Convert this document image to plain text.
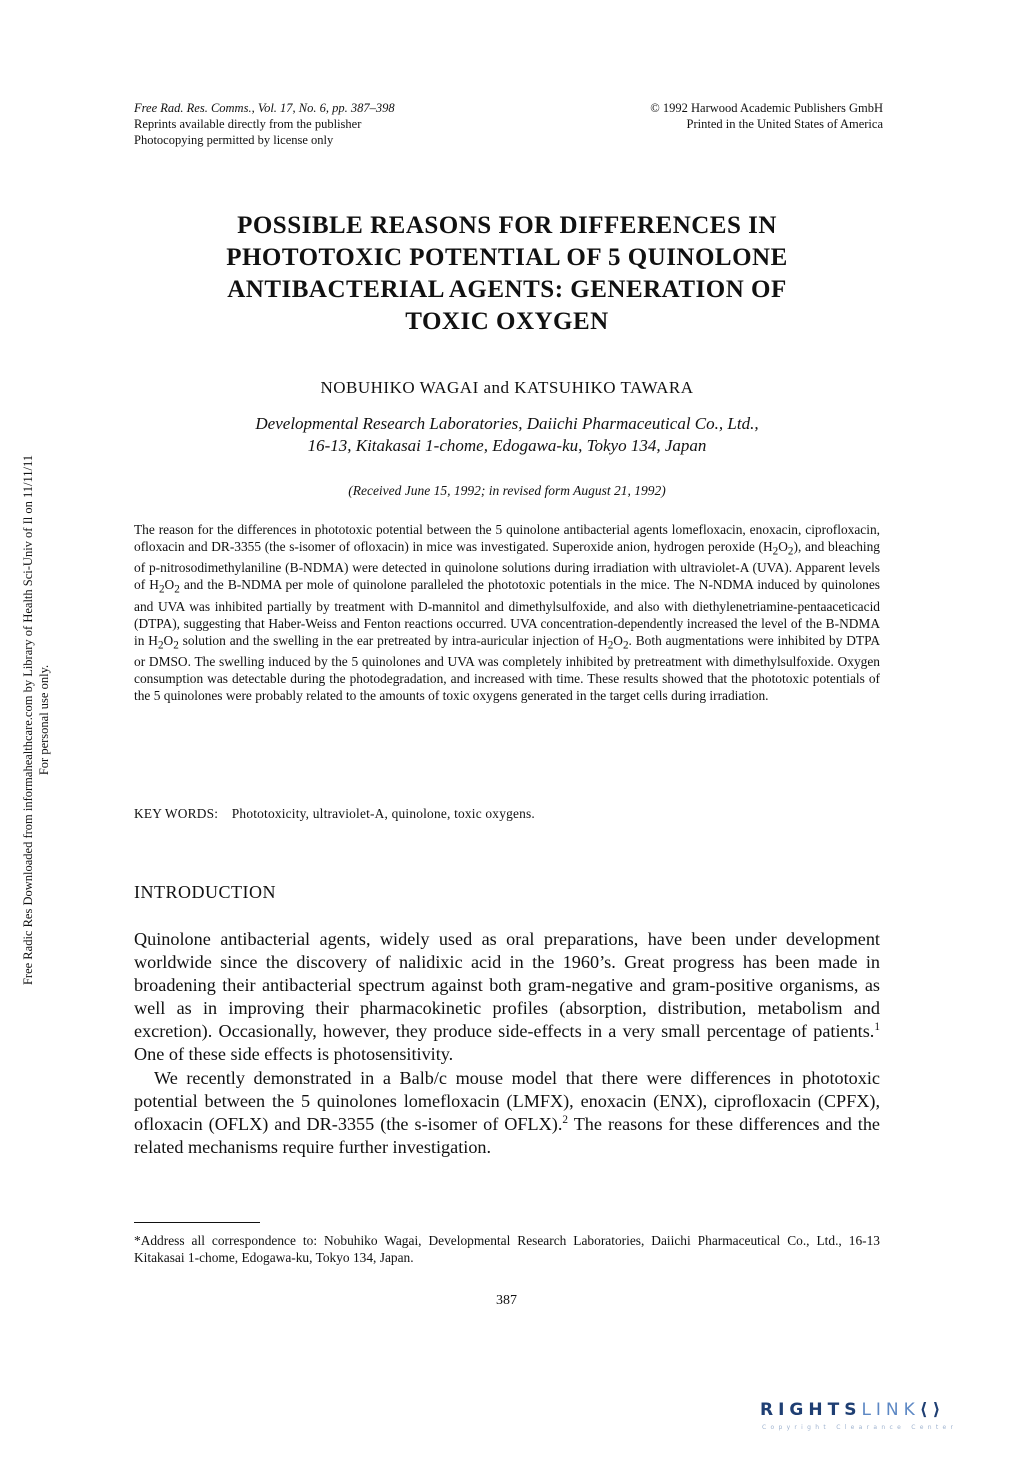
Free Rad. Res. Comms., Vol. 17, No. 6, pp. 387–398
Reprints available directly from the publisher
Photocopying permitted by license only
© 1992 Harwood Academic Publishers GmbH
Printed in the United States of America
Free Radic Res Downloaded from informahealthcare.com by Library of Health Sci-Univ of Il on 11/11/11 For personal use only.
POSSIBLE REASONS FOR DIFFERENCES IN
PHOTOTOXIC POTENTIAL OF 5 QUINOLONE
ANTIBACTERIAL AGENTS: GENERATION OF
TOXIC OXYGEN
NOBUHIKO WAGAI and KATSUHIKO TAWARA
Developmental Research Laboratories, Daiichi Pharmaceutical Co., Ltd.,
16-13, Kitakasai 1-chome, Edogawa-ku, Tokyo 134, Japan
(Received June 15, 1992; in revised form August 21, 1992)
The reason for the differences in phototoxic potential between the 5 quinolone antibacterial agents lomefloxacin, enoxacin, ciprofloxacin, ofloxacin and DR-3355 (the s-isomer of ofloxacin) in mice was investigated. Superoxide anion, hydrogen peroxide $(H_2O_2)$, and bleaching of p-nitrosodimethylaniline (B-NDMA) were detected in quinolone solutions during irradiation with ultraviolet-A (UVA). Apparent levels of $H_2O_2$ and the B-NDMA per mole of quinolone paralleled the phototoxic potentials in the mice. The N-NDMA induced by quinolones and UVA was inhibited partially by treatment with D-mannitol and dimethylsulfoxide, and also with diethylenetriamine-pentaaceticacid (DTPA), suggesting that Haber-Weiss and Fenton reactions occurred. UVA concentration-dependently increased the level of the B-NDMA in $H_2O_2$ solution and the swelling in the ear pretreated by intra-auricular injection of $H_2O_2$. Both augmentations were inhibited by DTPA or DMSO. The swelling induced by the 5 quinolones and UVA was completely inhibited by pretreatment with dimethylsulfoxide. Oxygen consumption was detectable during the photodegradation, and increased with time. These results showed that the phototoxic potentials of the 5 quinolones were probably related to the amounts of toxic oxygens generated in the target cells during irradiation.
KEY WORDS: Phototoxicity, ultraviolet-A, quinolone, toxic oxygens.
INTRODUCTION

Quinolone antibacterial agents, widely used as oral preparations, have been under development worldwide since the discovery of nalidixic acid in the 1960’s. Great progress has been made in broadening their antibacterial spectrum against both gram-negative and gram-positive organisms, as well as in improving their pharmacokinetic profiles (absorption, distribution, metabolism and excretion). Occasionally, however, they produce side-effects in a very small percentage of patients.$^1$ One of these side effects is photosensitivity.

We recently demonstrated in a Balb/c mouse model that there were differences in phototoxic potential between the 5 quinolones lomefloxacin (LMFX), enoxacin (ENX), ciprofloxacin (CPFX), ofloxacin (OFLX) and DR-3355 (the s-isomer of OFLX).$^2$ The reasons for these differences and the related mechanisms require further investigation.

*Address all correspondence to: Nobuhiko Wagai, Developmental Research Laboratories, Daiichi Pharmaceutical Co., Ltd., 16-13 Kitakasai 1-chome, Edogawa-ku, Tokyo 134, Japan.
387
RIGHTSLINK⟨⟩
Copyright Clearance Center
